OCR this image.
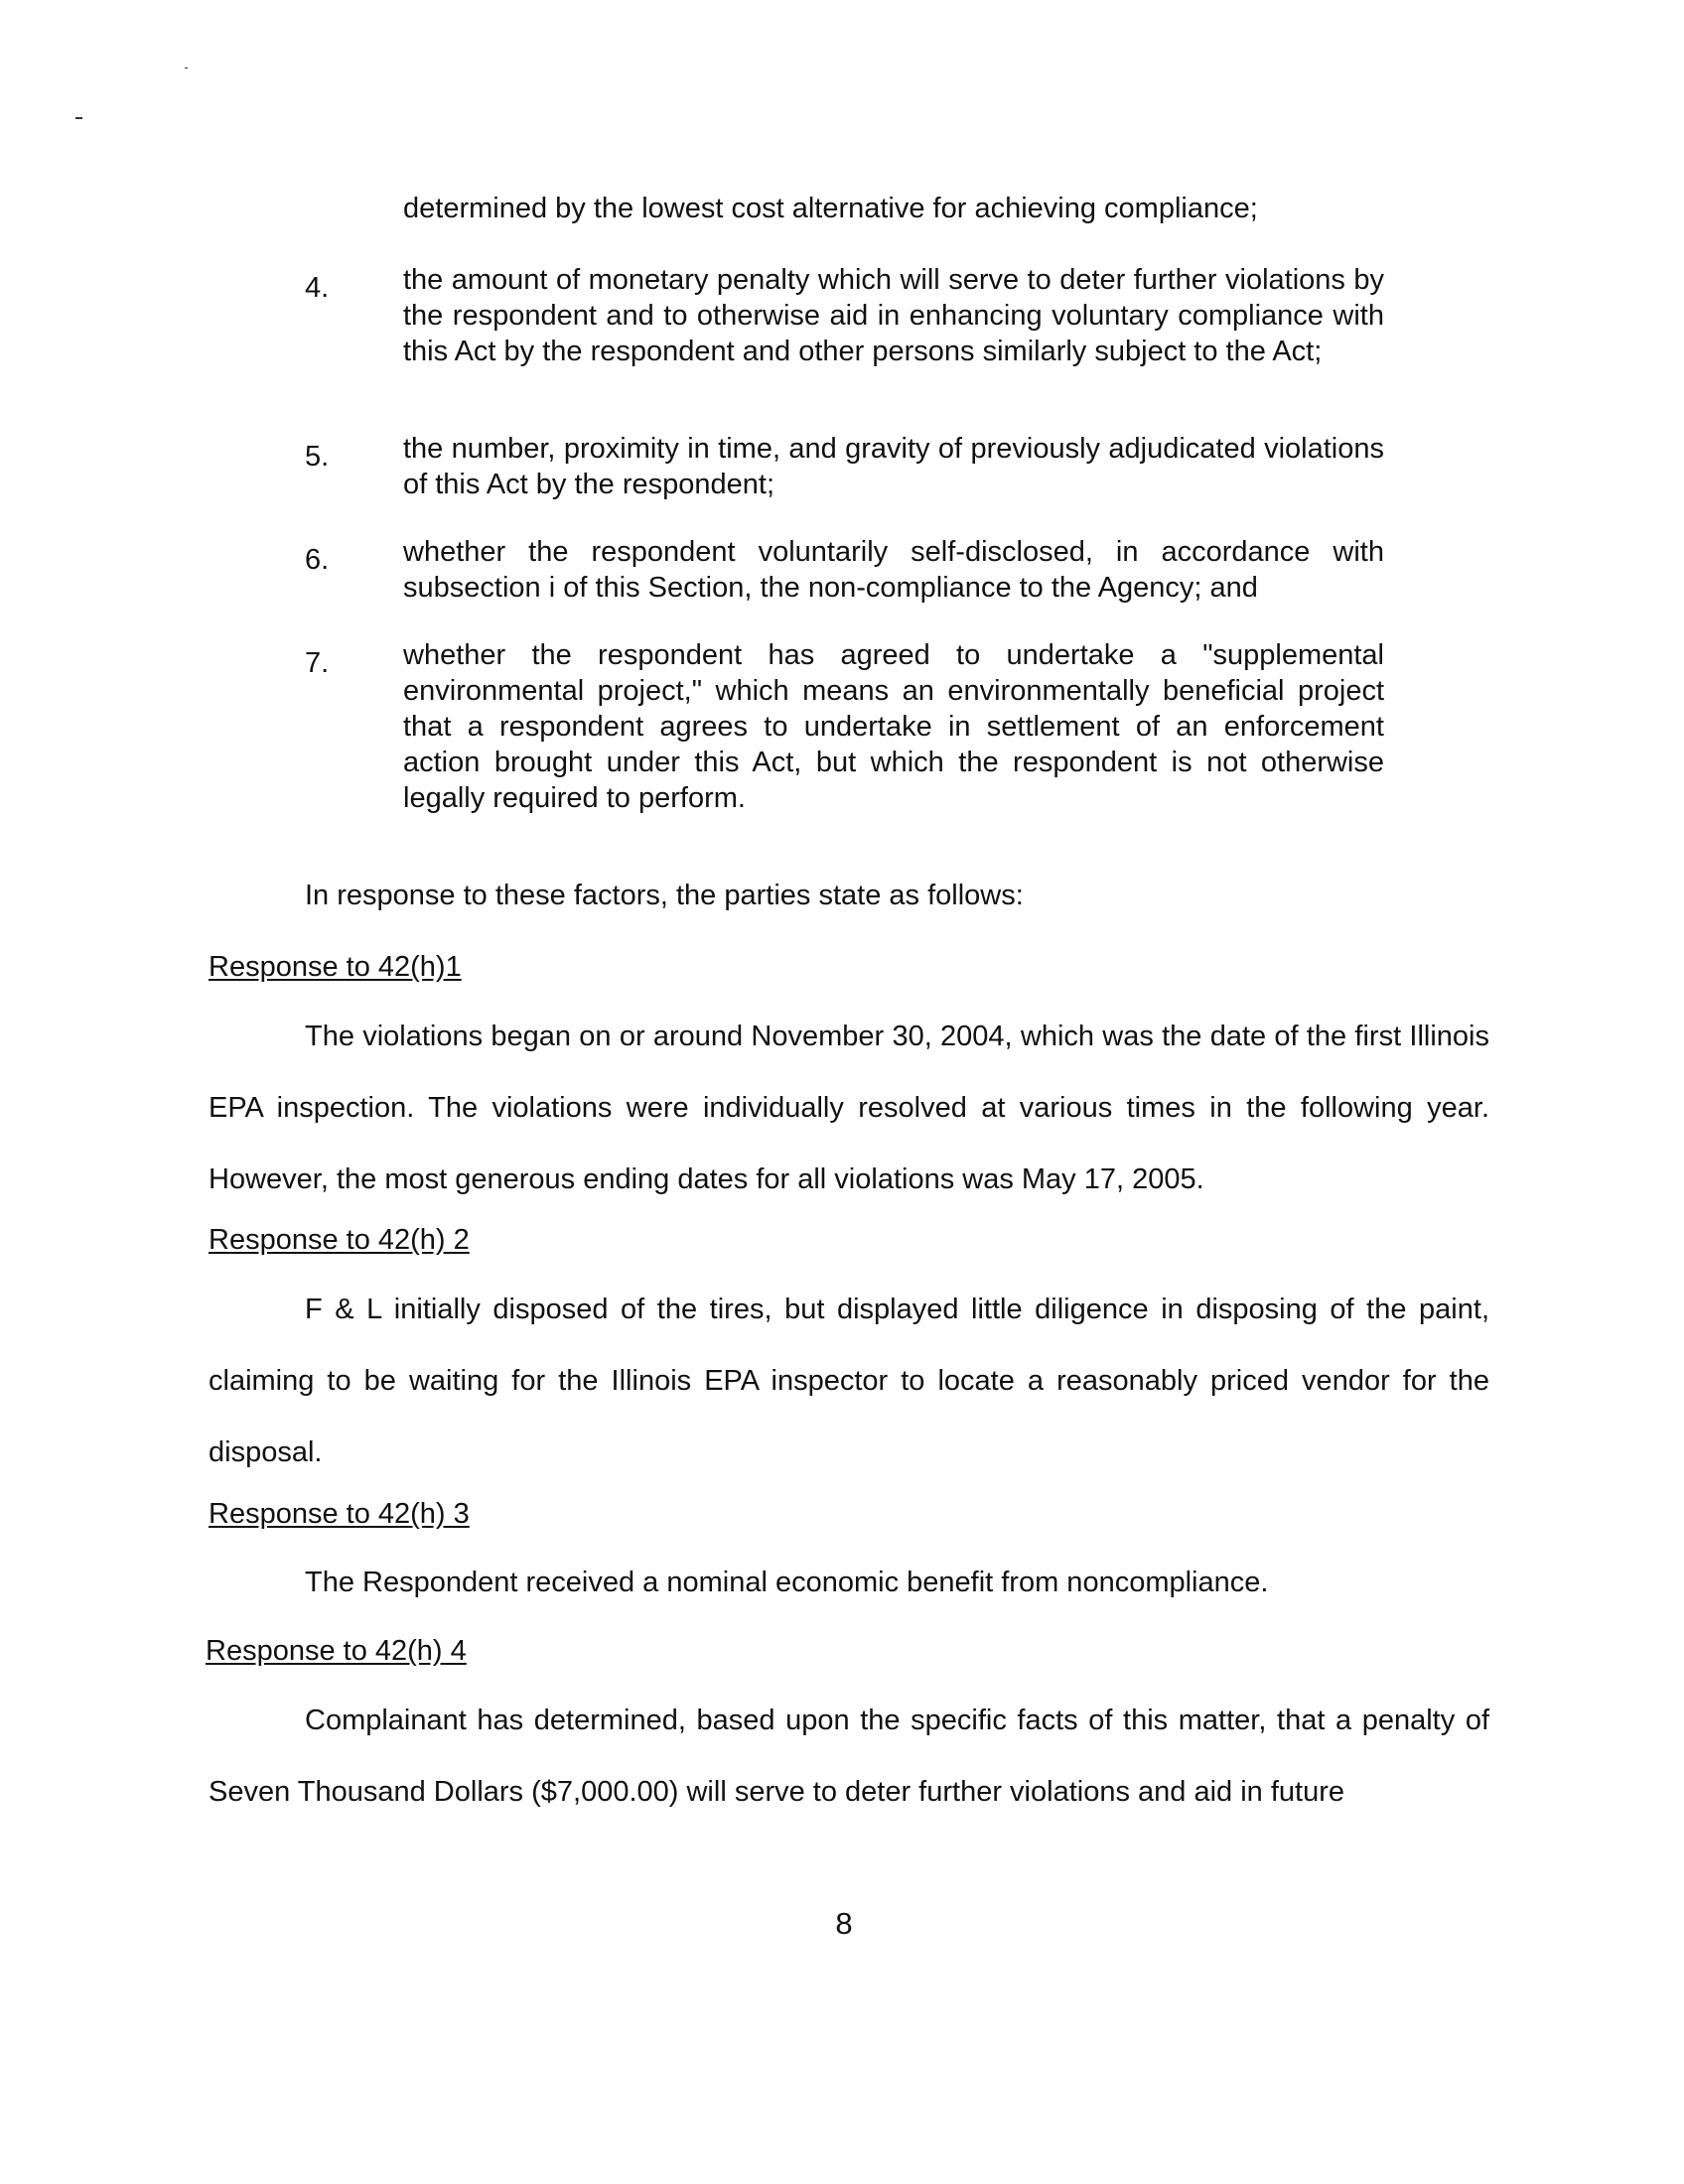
determined by the lowest cost alternative for achieving compliance;
4.	the amount of monetary penalty which will serve to deter further violations by the respondent and to otherwise aid in enhancing voluntary compliance with this Act by the respondent and other persons similarly subject to the Act;
5.	the number, proximity in time, and gravity of previously adjudicated violations of this Act by the respondent;
6.	whether the respondent voluntarily self-disclosed, in accordance with subsection i of this Section, the non-compliance to the Agency; and
7.	whether the respondent has agreed to undertake a "supplemental environmental project," which means an environmentally beneficial project that a respondent agrees to undertake in settlement of an enforcement action brought under this Act, but which the respondent is not otherwise legally required to perform.
In response to these factors, the parties state as follows:
Response to 42(h)1
The violations began on or around November 30, 2004, which was the date of the first Illinois EPA inspection. The violations were individually resolved at various times in the following year. However, the most generous ending dates for all violations was May 17, 2005.
Response to 42(h) 2
F & L initially disposed of the tires, but displayed little diligence in disposing of the paint, claiming to be waiting for the Illinois EPA inspector to locate a reasonably priced vendor for the disposal.
Response to 42(h) 3
The Respondent received a nominal economic benefit from noncompliance.
Response to 42(h) 4
Complainant has determined, based upon the specific facts of this matter, that a penalty of Seven Thousand Dollars ($7,000.00) will serve to deter further violations and aid in future
8
